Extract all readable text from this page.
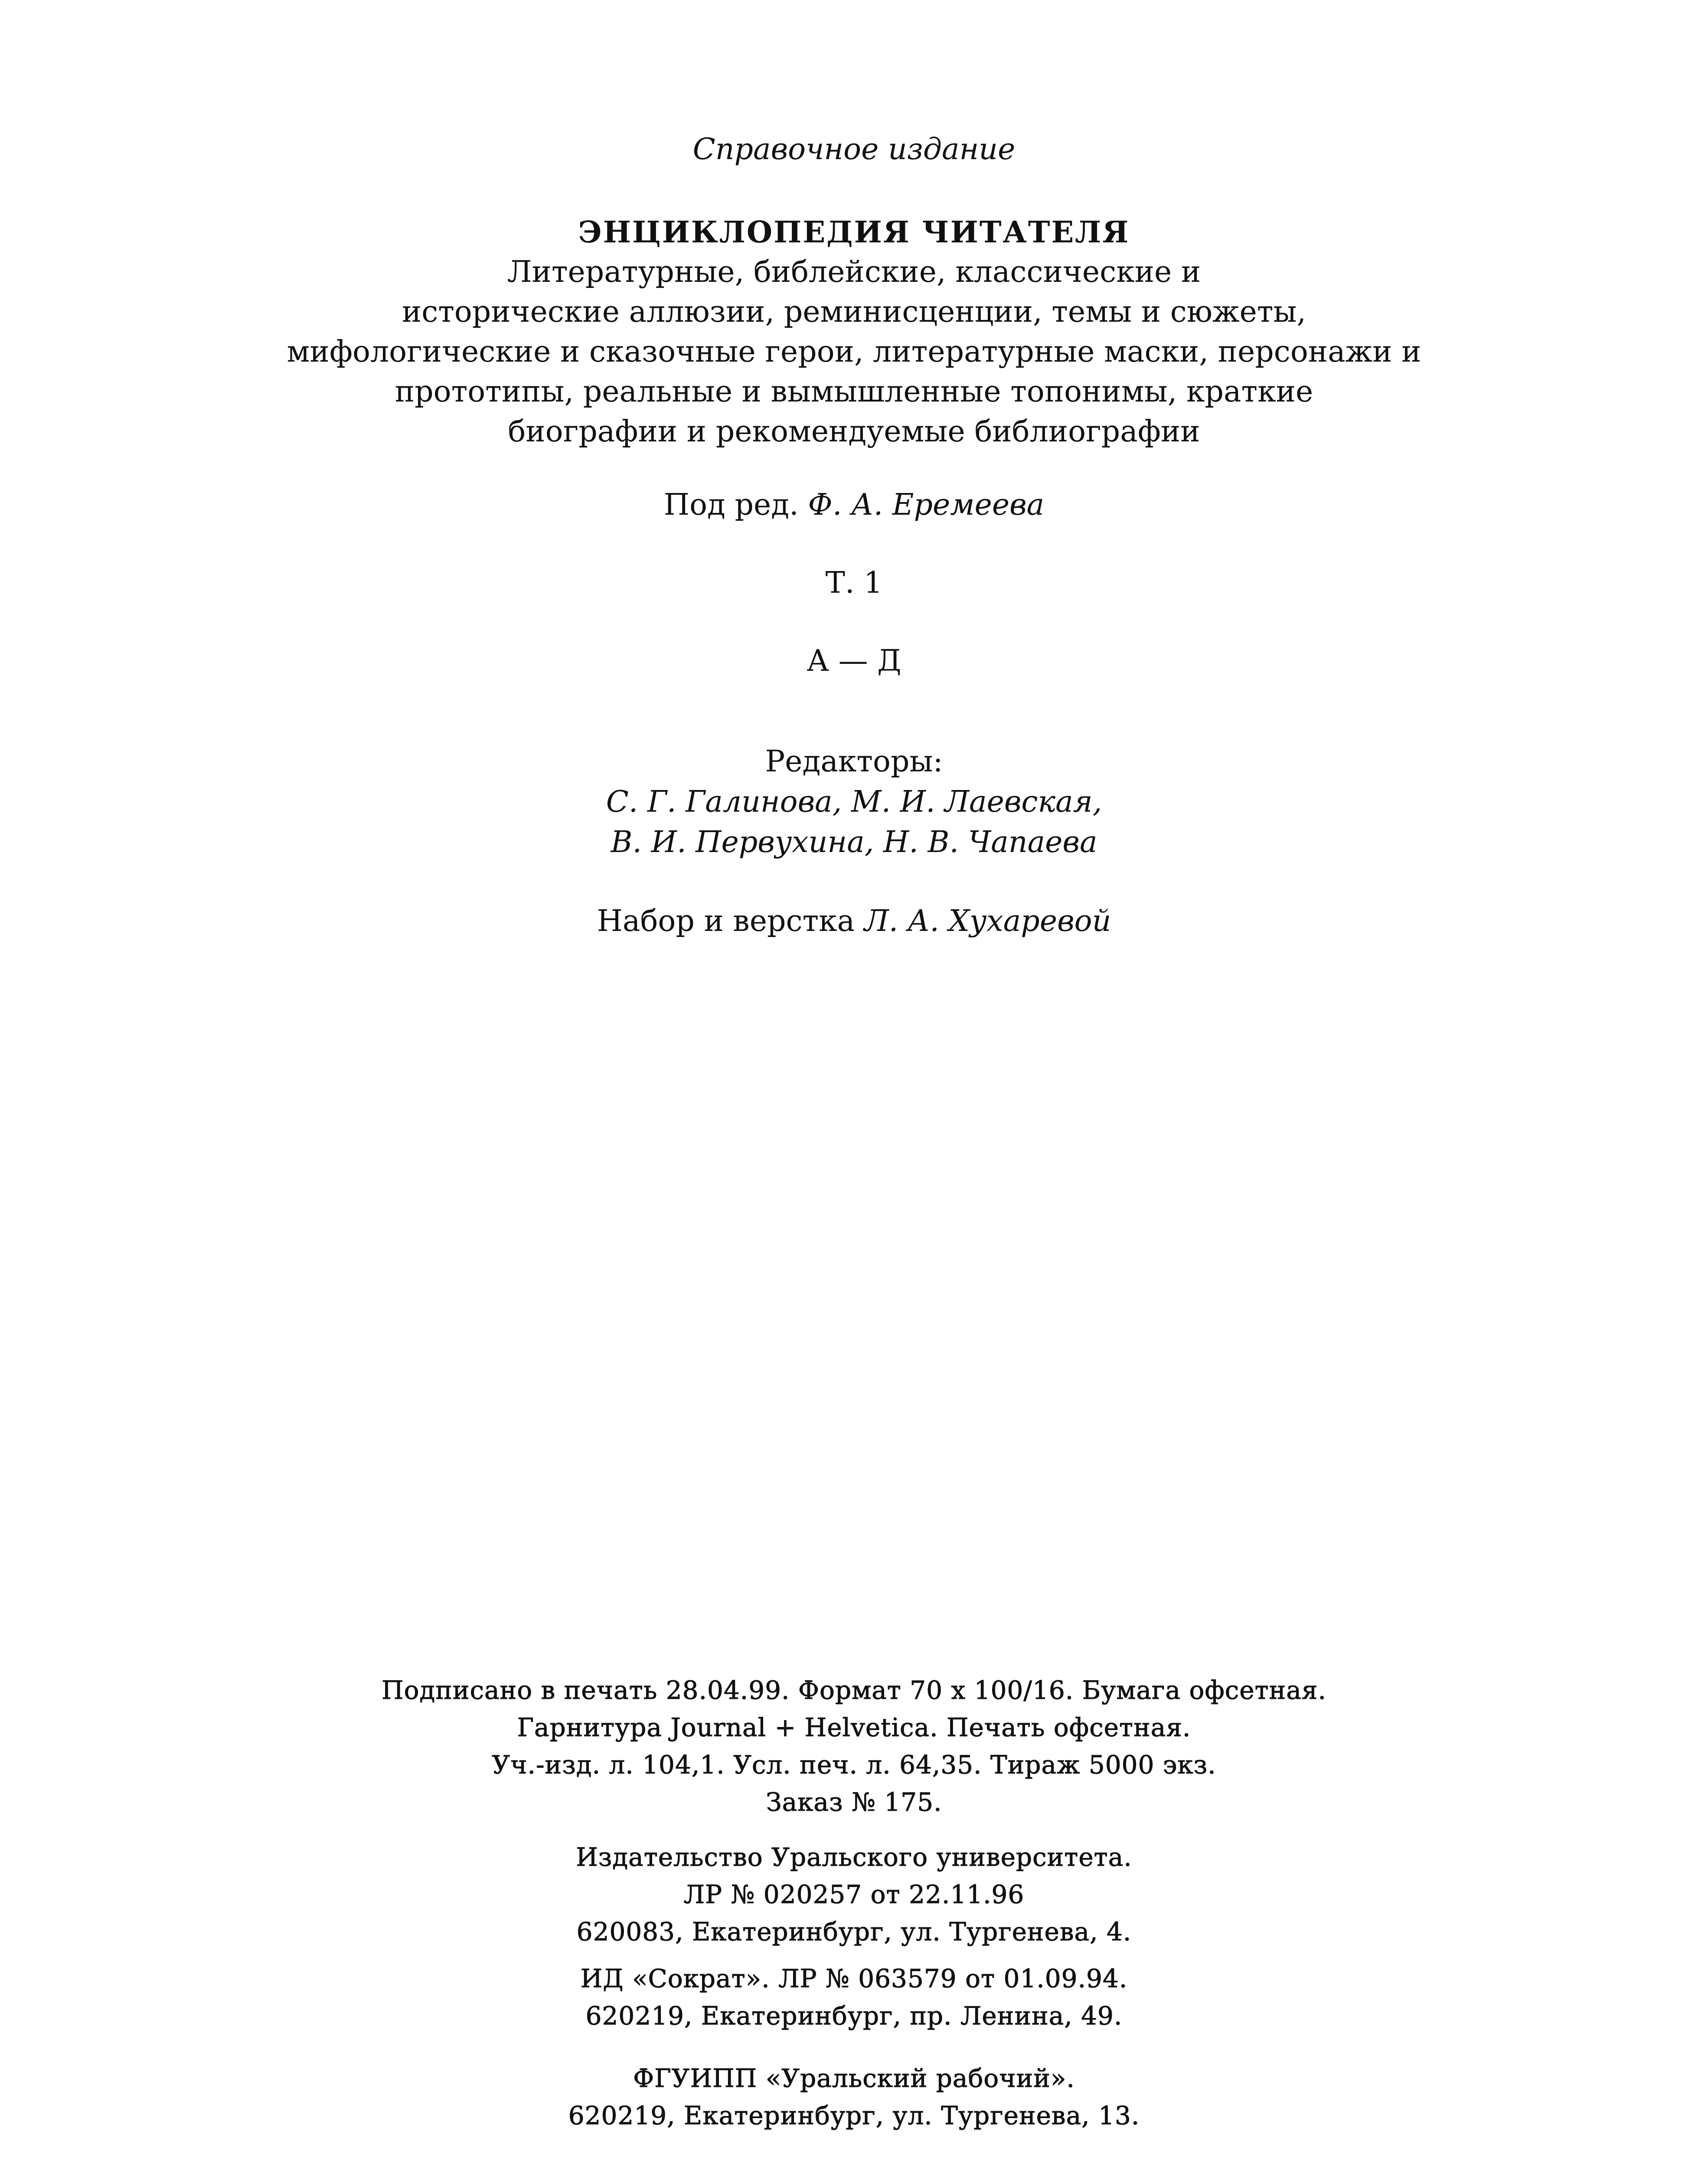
Справочное издание
ЭНЦИКЛОПЕДИЯ ЧИТАТЕЛЯ
Литературные, библейские, классические и
исторические аллюзии, реминисценции, темы и сюжеты,
мифологические и сказочные герои, литературные маски, персонажи и
прототипы, реальные и вымышленные топонимы, краткие
биографии и рекомендуемые библиографии
Под ред. Ф. А. Еремеева
Т. 1
А — Д
Редакторы:
С. Г. Галинова, М. И. Лаевская,
В. И. Первухина, Н. В. Чапаева
Набор и верстка Л. А. Хухаревой
Подписано в печать 28.04.99. Формат 70 х 100/16. Бумага офсетная.
Гарнитура Journal + Helvetica. Печать офсетная.
Уч.-изд. л. 104,1. Усл. печ. л. 64,35. Тираж 5000 экз.
Заказ № 175.
Издательство Уральского университета.
ЛР № 020257 от 22.11.96
620083, Екатеринбург, ул. Тургенева, 4.
ИД «Сократ». ЛР № 063579 от 01.09.94.
620219, Екатеринбург, пр. Ленина, 49.
ФГУИПП «Уральский рабочий».
620219, Екатеринбург, ул. Тургенева, 13.
